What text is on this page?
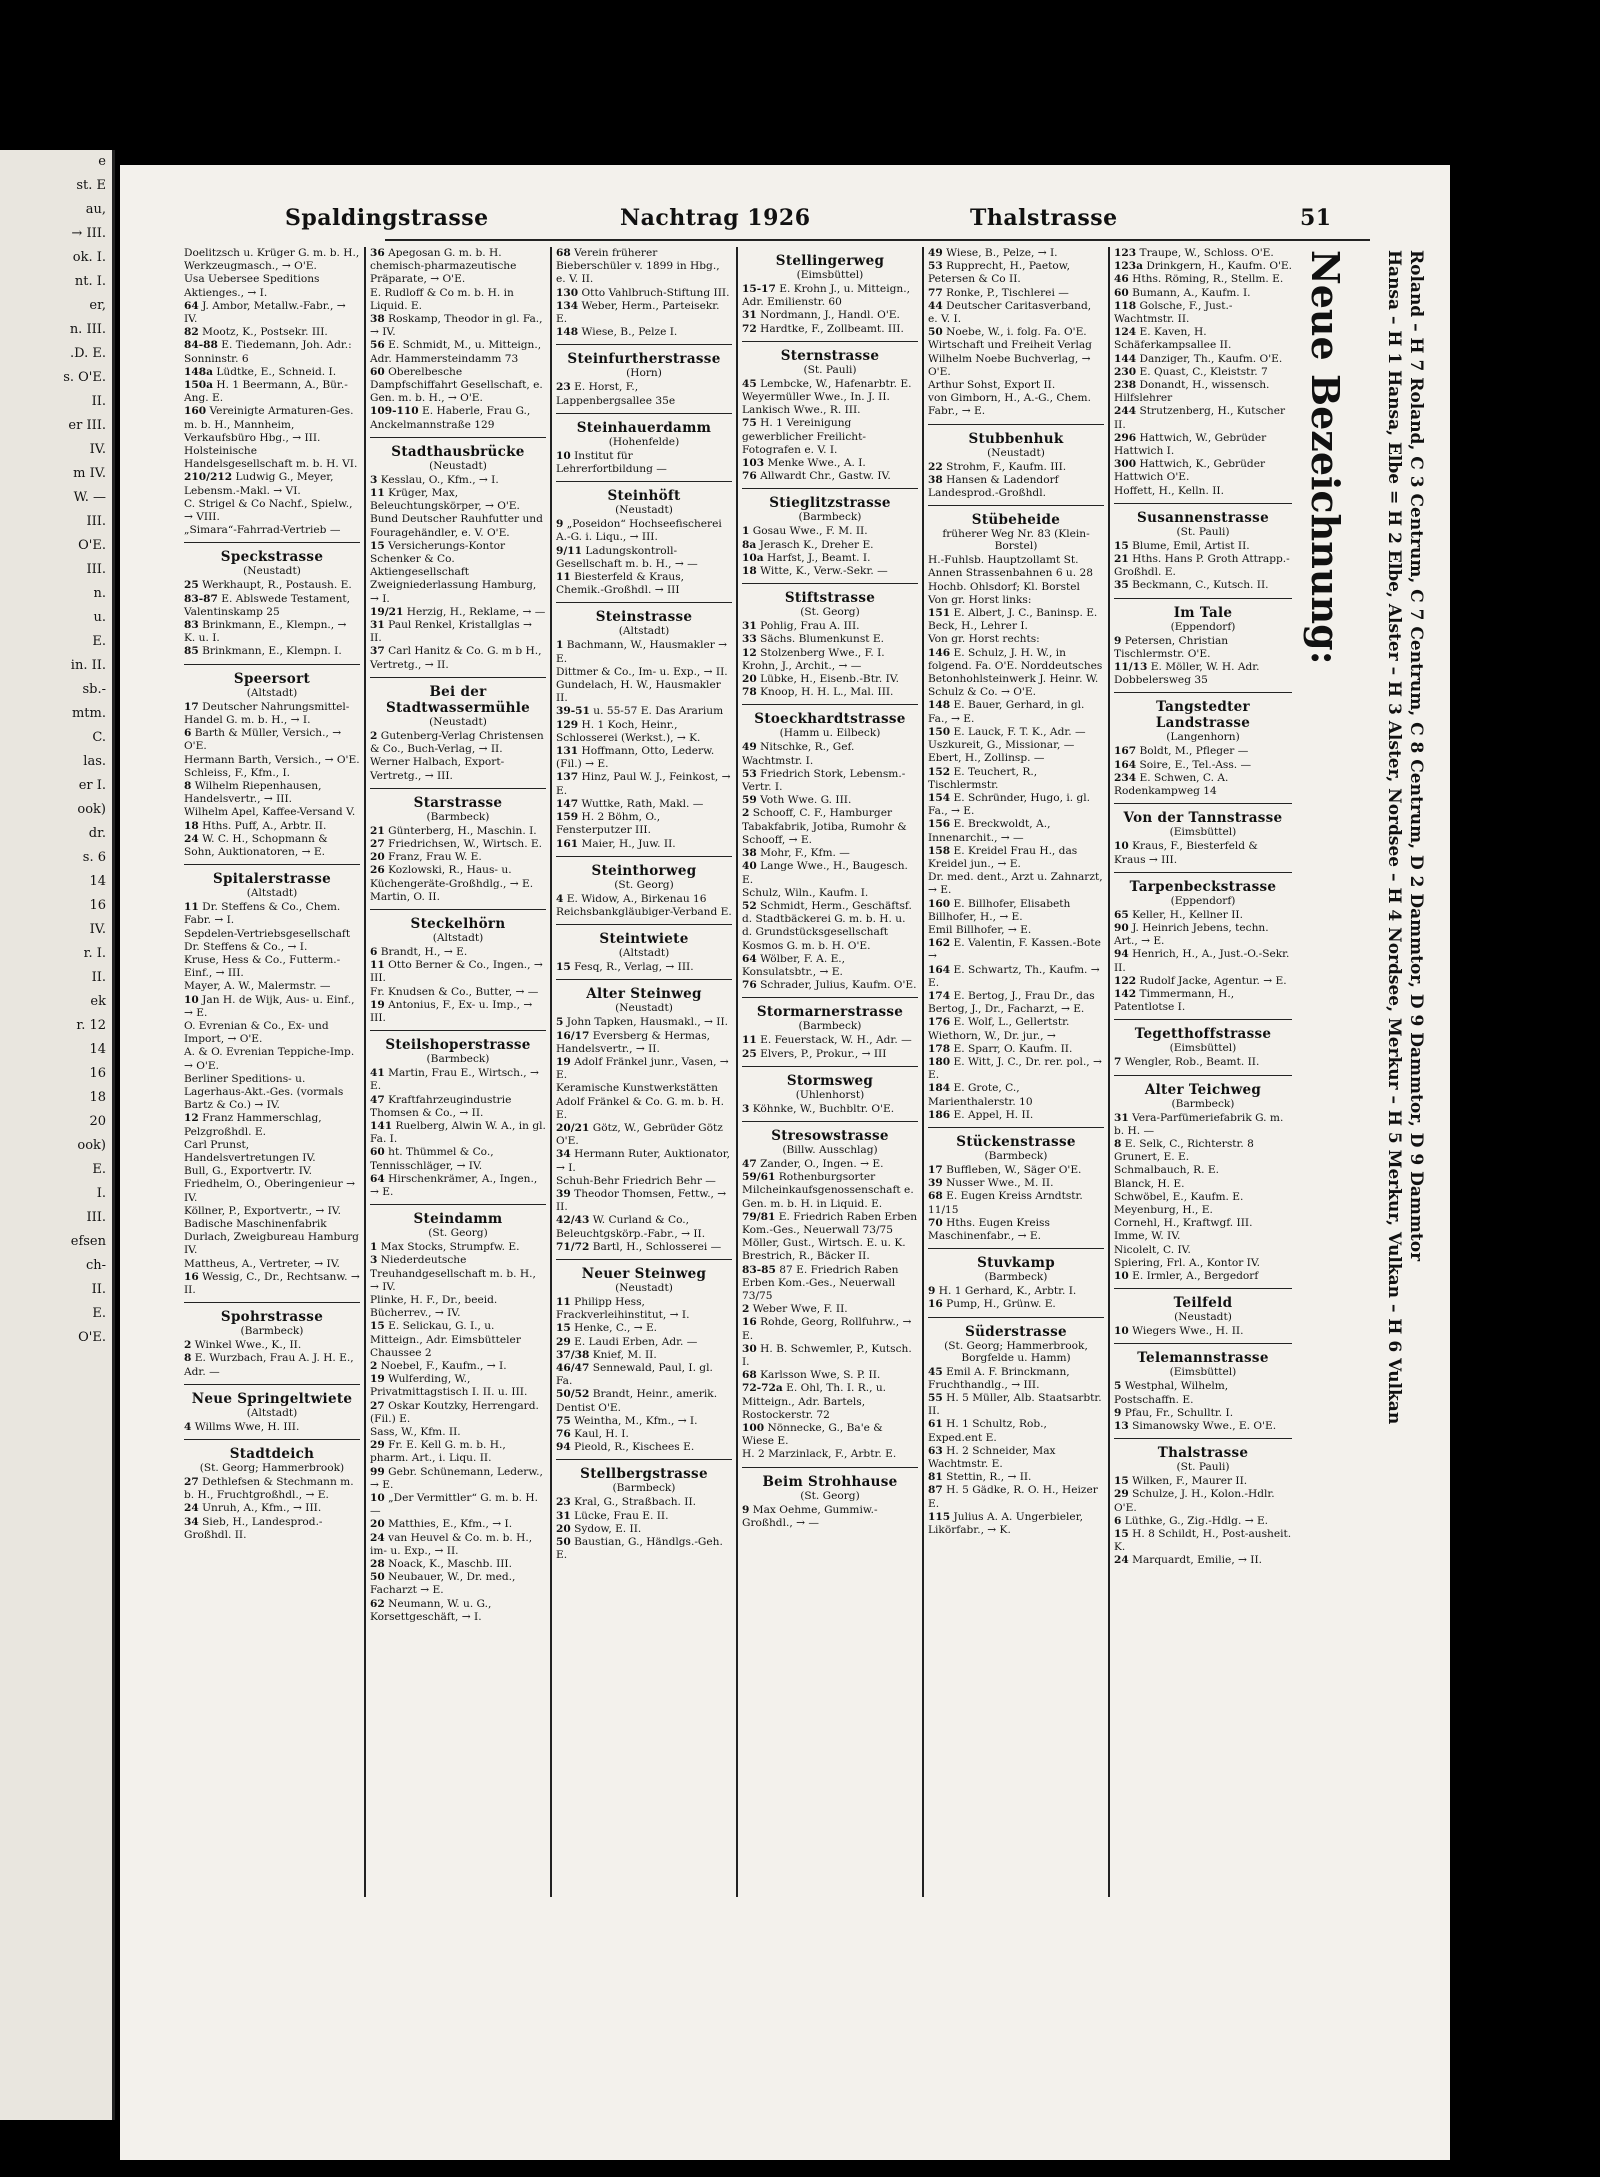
e
st. E
au,
→ III.
ok. I.
nt. I.
er,
n. III.
.D. E.
s. O'E.
II.
er III.
IV.
m IV.
W. —
III.
O'E.
III.
n.
u.
E.
in. II.
sb.-
mtm.
C.
las.
er I.
ook)
dr.
s. 6
14
16
IV.
r. I.
II.
ek
r. 12
14
16
18
20
ook)
E.
I.
III.
efsen
ch-
II.
E.
O'E.
Spaldingstrasse	Nachtrag 1926	Thalstrasse	51

Doelitzsch u. Krüger G. m. b. H., Werkzeugmasch., → O'E.

Usa Uebersee Speditions Aktienges., → I.

64 J. Ambor, Metallw.-Fabr., → IV.

82 Mootz, K., Postsekr. III.

84-88 E. Tiedemann, Joh. Adr.: Sonninstr. 6

148a Lüdtke, E., Schneid. I.

150a H. 1 Beermann, A., Bür.-Ang. E.

160 Vereinigte Armaturen-Ges. m. b. H., Mannheim, Verkaufsbüro Hbg., → III.

Holsteinische Handelsgesellschaft m. b. H. VI.

210/212 Ludwig G., Meyer, Lebensm.-Makl. → VI.

C. Strigel & Co Nachf., Spielw., → VIII.

„Simara“-Fahrrad-Vertrieb —

Speckstrasse
(Neustadt)

25 Werkhaupt, R., Postaush. E.

83-87 E. Ablswede Testament, Valentinskamp 25

83 Brinkmann, E., Klempn., → K. u. I.

85 Brinkmann, E., Klempn. I.

Speersort
(Altstadt)

17 Deutscher Nahrungsmittel-Handel G. m. b. H., → I.

6 Barth & Müller, Versich., → O'E.

Hermann Barth, Versich., → O'E.

Schleiss, F., Kfm., I.

8 Wilhelm Riepenhausen, Handelsvertr., → III.

Wilhelm Apel, Kaffee-Versand V.

18 Hths. Puff, A., Arbtr. II.

24 W. C. H., Schopmann & Sohn, Auktionatoren, → E.

Spitalerstrasse
(Altstadt)

11 Dr. Steffens & Co., Chem. Fabr. → I.

Sepdelen-Vertriebsgesellschaft Dr. Steffens & Co., → I.

Kruse, Hess & Co., Futterm.-Einf., → III.

Mayer, A. W., Malermstr. —

10 Jan H. de Wijk, Aus- u. Einf., → E.

O. Evrenian & Co., Ex- und Import, → O'E.

A. & O. Evrenian Teppiche-Imp. → O'E.

Berliner Speditions- u. Lagerhaus-Akt.-Ges. (vormals Bartz & Co.) → IV.

12 Franz Hammerschlag, Pelzgroßhdl. E.

Carl Prunst, Handelsvertretungen IV.

Bull, G., Exportvertr. IV.

Friedhelm, O., Oberingenieur → IV.

Köllner, P., Exportvertr., → IV.

Badische Maschinenfabrik Durlach, Zweigbureau Hamburg IV.

Mattheus, A., Vertreter, → IV.

16 Wessig, C., Dr., Rechtsanw. → II.

Spohrstrasse
(Barmbeck)

2 Winkel Wwe., K., II.

8 E. Wurzbach, Frau A. J. H. E., Adr. —

Neue Springeltwiete
(Altstadt)

4 Willms Wwe, H. III.

Stadtdeich
(St. Georg; Hammerbrook)

27 Dethlefsen & Stechmann m. b. H., Fruchtgroßhdl., → E.

24 Unruh, A., Kfm., → III.

34 Sieb, H., Landesprod.-Großhdl. II.

36 Apegosan G. m. b. H. chemisch-pharmazeutische Präparate, → O'E.

E. Rudloff & Co m. b. H. in Liquid. E.

38 Roskamp, Theodor in gl. Fa., → IV.

56 E. Schmidt, M., u. Mitteign., Adr. Hammersteindamm 73

60 Oberelbesche Dampfschiffahrt Gesellschaft, e. Gen. m. b. H., → O'E.

109-110 E. Haberle, Frau G., Anckelmannstraße 129

Stadthausbrücke
(Neustadt)

3 Kesslau, O., Kfm., → I.

11 Krüger, Max, Beleuchtungskörper, → O'E.

Bund Deutscher Rauhfutter und Fouragehändler, e. V. O'E.

15 Versicherungs-Kontor Schenker & Co. Aktiengesellschaft Zweigniederlassung Hamburg, → I.

19/21 Herzig, H., Reklame, → —

31 Paul Renkel, Kristallglas → II.

37 Carl Hanitz & Co. G. m b H., Vertretg., → II.

Bei der Stadtwassermühle
(Neustadt)

2 Gutenberg-Verlag Christensen & Co., Buch-Verlag, → II.

Werner Halbach, Export-Vertretg., → III.

Starstrasse
(Barmbeck)

21 Günterberg, H., Maschin. I.

27 Friedrichsen, W., Wirtsch. E.

20 Franz, Frau W. E.

26 Kozlowski, R., Haus- u. Küchengeräte-Großhdlg., → E.

Martin, O. II.

Steckelhörn
(Altstadt)

6 Brandt, H., → E.

11 Otto Berner & Co., Ingen., → III.

Fr. Knudsen & Co., Butter, → —

19 Antonius, F., Ex- u. Imp., → III.

Steilshoperstrasse
(Barmbeck)

41 Martin, Frau E., Wirtsch., → E.

47 Kraftfahrzeugindustrie Thomsen & Co., → II.

141 Ruelberg, Alwin W. A., in gl. Fa. I.

60 ht. Thümmel & Co., Tennisschläger, → IV.

64 Hirschenkrämer, A., Ingen., → E.

Steindamm
(St. Georg)

1 Max Stocks, Strumpfw. E.

3 Niederdeutsche Treuhandgesellschaft m. b. H., → IV.

Plinke, H. F., Dr., beeid. Bücherrev., → IV.

15 E. Selickau, G. I., u. Mitteign., Adr. Eimsbütteler Chaussee 2

2 Noebel, F., Kaufm., → I.

19 Wulferding, W., Privatmittagstisch I. II. u. III.

27 Oskar Koutzky, Herrengard. (Fil.) E.

Sass, W., Kfm. II.

29 Fr. E. Kell G. m. b. H., pharm. Art., i. Liqu. II.

99 Gebr. Schünemann, Lederw., → E.

10 „Der Vermittler“ G. m. b. H. —

20 Matthies, E., Kfm., → I.

24 van Heuvel & Co. m. b. H., im- u. Exp., → II.

28 Noack, K., Maschb. III.

50 Neubauer, W., Dr. med., Facharzt → E.

62 Neumann, W. u. G., Korsettgeschäft, → I.

68 Verein früherer Bieberschüler v. 1899 in Hbg., e. V. II.

130 Otto Vahlbruch-Stiftung III.

134 Weber, Herm., Parteisekr. E.

148 Wiese, B., Pelze I.

Steinfurtherstrasse
(Horn)

23 E. Horst, F., Lappenbergsallee 35e

Steinhauerdamm
(Hohenfelde)

10 Institut für Lehrerfortbildung —

Steinhöft
(Neustadt)

9 „Poseidon“ Hochseefischerei A.-G. i. Liqu., → III.

9/11 Ladungskontroll-Gesellschaft m. b. H., → —

11 Biesterfeld & Kraus, Chemik.-Großhdl. → III

Steinstrasse
(Altstadt)

1 Bachmann, W., Hausmakler → E.

Dittmer & Co., Im- u. Exp., → II.

Gundelach, H. W., Hausmakler II.

39-51 u. 55-57 E. Das Ararium

129 H. 1 Koch, Heinr., Schlosserei (Werkst.), → K.

131 Hoffmann, Otto, Lederw. (Fil.) → E.

137 Hinz, Paul W. J., Feinkost, → E.

147 Wuttke, Rath, Makl. —

159 H. 2 Böhm, O., Fensterputzer III.

161 Maier, H., Juw. II.

Steinthorweg
(St. Georg)

4 E. Widow, A., Birkenau 16 Reichsbankgläubiger-Verband E.

Steintwiete
(Altstadt)

15 Fesq, R., Verlag, → III.

Alter Steinweg
(Neustadt)

5 John Tapken, Hausmakl., → II.

16/17 Eversberg & Hermas, Handelsvertr., → II.

19 Adolf Fränkel junr., Vasen, → E.

Keramische Kunstwerkstätten Adolf Fränkel & Co. G. m. b. H. E.

20/21 Götz, W., Gebrüder Götz O'E.

34 Hermann Ruter, Auktionator, → I.

Schuh-Behr Friedrich Behr —

39 Theodor Thomsen, Fettw., → II.

42/43 W. Curland & Co., Beleuchtgskörp.-Fabr., → II.

71/72 Bartl, H., Schlosserei —

Neuer Steinweg
(Neustadt)

11 Philipp Hess, Frackverleihinstitut, → I.

15 Henke, C., → E.

29 E. Laudi Erben, Adr. —

37/38 Knief, M. II.

46/47 Sennewald, Paul, I. gl. Fa.

50/52 Brandt, Heinr., amerik. Dentist O'E.

75 Weintha, M., Kfm., → I.

76 Kaul, H. I.

94 Pieold, R., Kischees E.

Stellbergstrasse
(Barmbeck)

23 Kral, G., Straßbach. II.

31 Lücke, Frau E. II.

20 Sydow, E. II.

50 Baustian, G., Händlgs.-Geh. E.

Stellingerweg
(Eimsbüttel)

15-17 E. Krohn J., u. Mitteign., Adr. Emilienstr. 60

31 Nordmann, J., Handl. O'E.

72 Hardtke, F., Zollbeamt. III.

Sternstrasse
(St. Pauli)

45 Lembcke, W., Hafenarbtr. E.

Weyermüller Wwe., In. J. II.

Lankisch Wwe., R. III.

75 H. 1 Vereinigung gewerblicher Freilicht-Fotografen e. V. I.

103 Menke Wwe., A. I.

76 Allwardt Chr., Gastw. IV.

Stieglitzstrasse
(Barmbeck)

1 Gosau Wwe., F. M. II.

8a Jerasch K., Dreher E.

10a Harfst, J., Beamt. I.

18 Witte, K., Verw.-Sekr. —

Stiftstrasse
(St. Georg)

31 Pohlig, Frau A. III.

33 Sächs. Blumenkunst E.

12 Stolzenberg Wwe., F. I.

Krohn, J., Archit., → —

20 Lübke, H., Eisenb.-Btr. IV.

78 Knoop, H. H. L., Mal. III.

Stoeckhardtstrasse
(Hamm u. Eilbeck)

49 Nitschke, R., Gef. Wachtmstr. I.

53 Friedrich Stork, Lebensm.-Vertr. I.

59 Voth Wwe. G. III.

2 Schooff, C. F., Hamburger Tabakfabrik, Jotiba, Rumohr & Schooff, → E.

38 Mohr, F., Kfm. —

40 Lange Wwe., H., Baugesch. E.

Schulz, Wiln., Kaufm. I.

52 Schmidt, Herm., Geschäftsf. d. Stadtbäckerei G. m. b. H. u. d. Grundstücksgesellschaft Kosmos G. m. b. H. O'E.

64 Wölber, F. A. E., Konsulatsbtr., → E.

76 Schrader, Julius, Kaufm. O'E.

Stormarnerstrasse
(Barmbeck)

11 E. Feuerstack, W. H., Adr. —

25 Elvers, P., Prokur., → III

Stormsweg
(Uhlenhorst)

3 Köhnke, W., Buchbltr. O'E.

Stresowstrasse
(Billw. Ausschlag)

47 Zander, O., Ingen. → E.

59/61 Rothenburgsorter Milcheinkaufsgenossenschaft e. Gen. m. b. H. in Liquid. E.

79/81 E. Friedrich Raben Erben Kom.-Ges., Neuerwall 73/75

Möller, Gust., Wirtsch. E. u. K.

Brestrich, R., Bäcker II.

83-85 87 E. Friedrich Raben Erben Kom.-Ges., Neuerwall 73/75

2 Weber Wwe, F. II.

16 Rohde, Georg, Rollfuhrw., → E.

30 H. B. Schwemler, P., Kutsch. I.

68 Karlsson Wwe, S. P. II.

72-72a E. Ohl, Th. I. R., u. Mitteign., Adr. Bartels, Rostockerstr. 72

100 Nönnecke, G., Ba'e & Wiese E.

H. 2 Marzinlack, F., Arbtr. E.

Beim Strohhause
(St. Georg)

9 Max Oehme, Gummiw.-Großhdl., → —

49 Wiese, B., Pelze, → I.

53 Rupprecht, H., Paetow, Petersen & Co II.

77 Ronke, P., Tischlerei —

44 Deutscher Caritasverband, e. V. I.

50 Noebe, W., i. folg. Fa. O'E. Wirtschaft und Freiheit Verlag Wilhelm Noebe Buchverlag, → O'E.

Arthur Sohst, Export II.

von Gimborn, H., A.-G., Chem. Fabr., → E.

Stubbenhuk
(Neustadt)

22 Strohm, F., Kaufm. III.

38 Hansen & Ladendorf Landesprod.-Großhdl.

Stübeheide
früherer Weg Nr. 83 (Klein-Borstel)

H.-Fuhlsb. Hauptzollamt St. Annen Strassenbahnen 6 u. 28 Hochb. Ohlsdorf; Kl. Borstel

Von gr. Horst links:

151 E. Albert, J. C., Baninsp. E.

Beck, H., Lehrer I.

Von gr. Horst rechts:

146 E. Schulz, J. H. W., in folgend. Fa. O'E. Norddeutsches Betonhohlsteinwerk J. Heinr. W. Schulz & Co. → O'E.

148 E. Bauer, Gerhard, in gl. Fa., → E.

150 E. Lauck, F. T. K., Adr. — Uszkureit, G., Missionar, —

Ebert, H., Zollinsp. —

152 E. Teuchert, R., Tischlermstr.

154 E. Schründer, Hugo, i. gl. Fa., → E.

156 E. Breckwoldt, A., Innenarchit., → —

158 E. Kreidel Frau H., das Kreidel jun., → E.

Dr. med. dent., Arzt u. Zahnarzt, → E.

160 E. Billhofer, Elisabeth Billhofer, H., → E.

Emil Billhofer, → E.

162 E. Valentin, F. Kassen.-Bote →

164 E. Schwartz, Th., Kaufm. → E.

174 E. Bertog, J., Frau Dr., das Bertog, J., Dr., Facharzt, → E.

176 E. Wolf, L., Gellertstr. Wiethorn, W., Dr. jur., →

178 E. Sparr, O. Kaufm. II.

180 E. Witt, J. C., Dr. rer. pol., → E.

184 E. Grote, C., Marienthalerstr. 10

186 E. Appel, H. II.

Stückenstrasse
(Barmbeck)

17 Buffleben, W., Säger O'E.

39 Nusser Wwe., M. II.

68 E. Eugen Kreiss Arndtstr. 11/15

70 Hths. Eugen Kreiss Maschinenfabr., → E.

Stuvkamp
(Barmbeck)

9 H. 1 Gerhard, K., Arbtr. I.

16 Pump, H., Grünw. E.

Süderstrasse
(St. Georg; Hammerbrook, Borgfelde u. Hamm)

45 Emil A. F. Brinckmann, Fruchthandlg., → III.

55 H. 5 Müller, Alb. Staatsarbtr. II.

61 H. 1 Schultz, Rob., Exped.ent E.

63 H. 2 Schneider, Max Wachtmstr. E.

81 Stettin, R., → II.

87 H. 5 Gädke, R. O. H., Heizer E.

115 Julius A. A. Ungerbieler, Likörfabr., → K.

123 Traupe, W., Schloss. O'E.

123a Drinkgern, H., Kaufm. O'E.

46 Hths. Röming, R., Stellm. E.

60 Bumann, A., Kaufm. I.

118 Golsche, F., Just.-Wachtmstr. II.

124 E. Kaven, H. Schäferkampsallee II.

144 Danziger, Th., Kaufm. O'E.

230 E. Quast, C., Kleiststr. 7

238 Donandt, H., wissensch. Hilfslehrer

244 Strutzenberg, H., Kutscher II.

296 Hattwich, W., Gebrüder Hattwich I.

300 Hattwich, K., Gebrüder Hattwich O'E.

Hoffett, H., Kelln. II.

Susannenstrasse
(St. Pauli)

15 Blume, Emil, Artist II.

21 Hths. Hans P. Groth Attrapp.-Großhdl. E.

35 Beckmann, C., Kutsch. II.

Im Tale
(Eppendorf)

9 Petersen, Christian Tischlermstr. O'E.

11/13 E. Möller, W. H. Adr. Dobbelersweg 35

Tangstedter Landstrasse
(Langenhorn)

167 Boldt, M., Pfleger —

164 Soire, E., Tel.-Ass. —

234 E. Schwen, C. A. Rodenkampweg 14

Von der Tannstrasse
(Eimsbüttel)

10 Kraus, F., Biesterfeld & Kraus → III.

Tarpenbeckstrasse
(Eppendorf)

65 Keller, H., Kellner II.

90 J. Heinrich Jebens, techn. Art., → E.

94 Henrich, H., A., Just.-O.-Sekr. II.

122 Rudolf Jacke, Agentur. → E.

142 Timmermann, H., Patentlotse I.

Tegetthoffstrasse
(Eimsbüttel)

7 Wengler, Rob., Beamt. II.

Alter Teichweg
(Barmbeck)

31 Vera-Parfümeriefabrik G. m. b. H. —

8 E. Selk, C., Richterstr. 8

Grunert, E. E.

Schmalbauch, R. E.

Blanck, H. E.

Schwöbel, E., Kaufm. E.

Meyenburg, H., E.

Cornehl, H., Kraftwgf. III.

Imme, W. IV.

Nicolelt, C. IV.

Spiering, Frl. A., Kontor IV.

10 E. Irmler, A., Bergedorf

Teilfeld
(Neustadt)

10 Wiegers Wwe., H. II.

Telemannstrasse
(Eimsbüttel)

5 Westphal, Wilhelm, Postschaffn. E.

9 Pfau, Fr., Schulltr. I.

13 Simanowsky Wwe., E. O'E.

Thalstrasse
(St. Pauli)

15 Wilken, F., Maurer II.

29 Schulze, J. H., Kolon.-Hdlr. O'E.

6 Lüthke, G., Zig.-Hdlg. → E.

15 H. 8 Schildt, H., Post-ausheit. K.

24 Marquardt, Emilie, → II.

Neue Bezeichnung: Hansa – H 1 Hansa, Elbe = H 2 Elbe, Alster – H 3 Alster, Nordsee – H 4 Nordsee, Merkur – H 5 Merkur, Vulkan – H 6 Vulkan Roland – H 7 Roland, C 3 Centrum, C 7 Centrum, C 8 Centrum, D 2 Dammtor, D 9 Dammtor, D 9 Dammtor
